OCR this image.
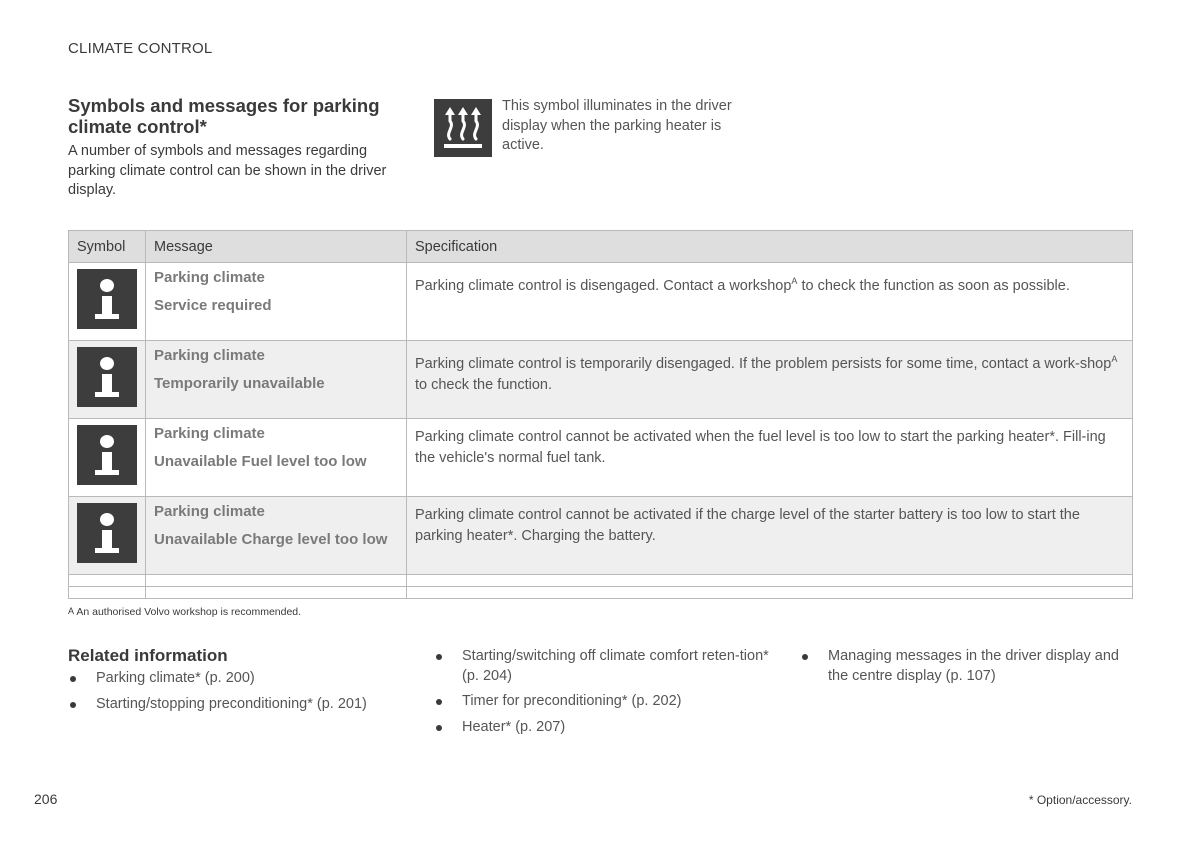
CLIMATE CONTROL
Symbols and messages for parking climate control*

A number of symbols and messages regarding parking climate control can be shown in the driver display.

This symbol illuminates in the driver display when the parking heater is active.

Symbol	Message	Specification

	Parking climate
Service required	Parking climate control is disengaged. Contact a workshop$^A$ to check the function as soon as possible.

	Parking climate
Temporarily unavailable	Parking climate control is temporarily disengaged. If the problem persists for some time, contact a work-shop$^A$ to check the function.

	Parking climate
Unavailable Fuel level too low	Parking climate control cannot be activated when the fuel level is too low to start the parking heater*. Fill-ing the vehicle's normal fuel tank.

	Parking climate
Unavailable Charge level too low	Parking climate control cannot be activated if the charge level of the starter battery is too low to start the parking heater*. Charging the battery.

A An authorised Volvo workshop is recommended.
Related information
Parking climate* (p. 200)
Starting/stopping preconditioning* (p. 201)
Starting/switching off climate comfort reten-tion* (p. 204)
Timer for preconditioning* (p. 202)
Heater* (p. 207)
Managing messages in the driver display and the centre display (p. 107)
206	* Option/accessory.
